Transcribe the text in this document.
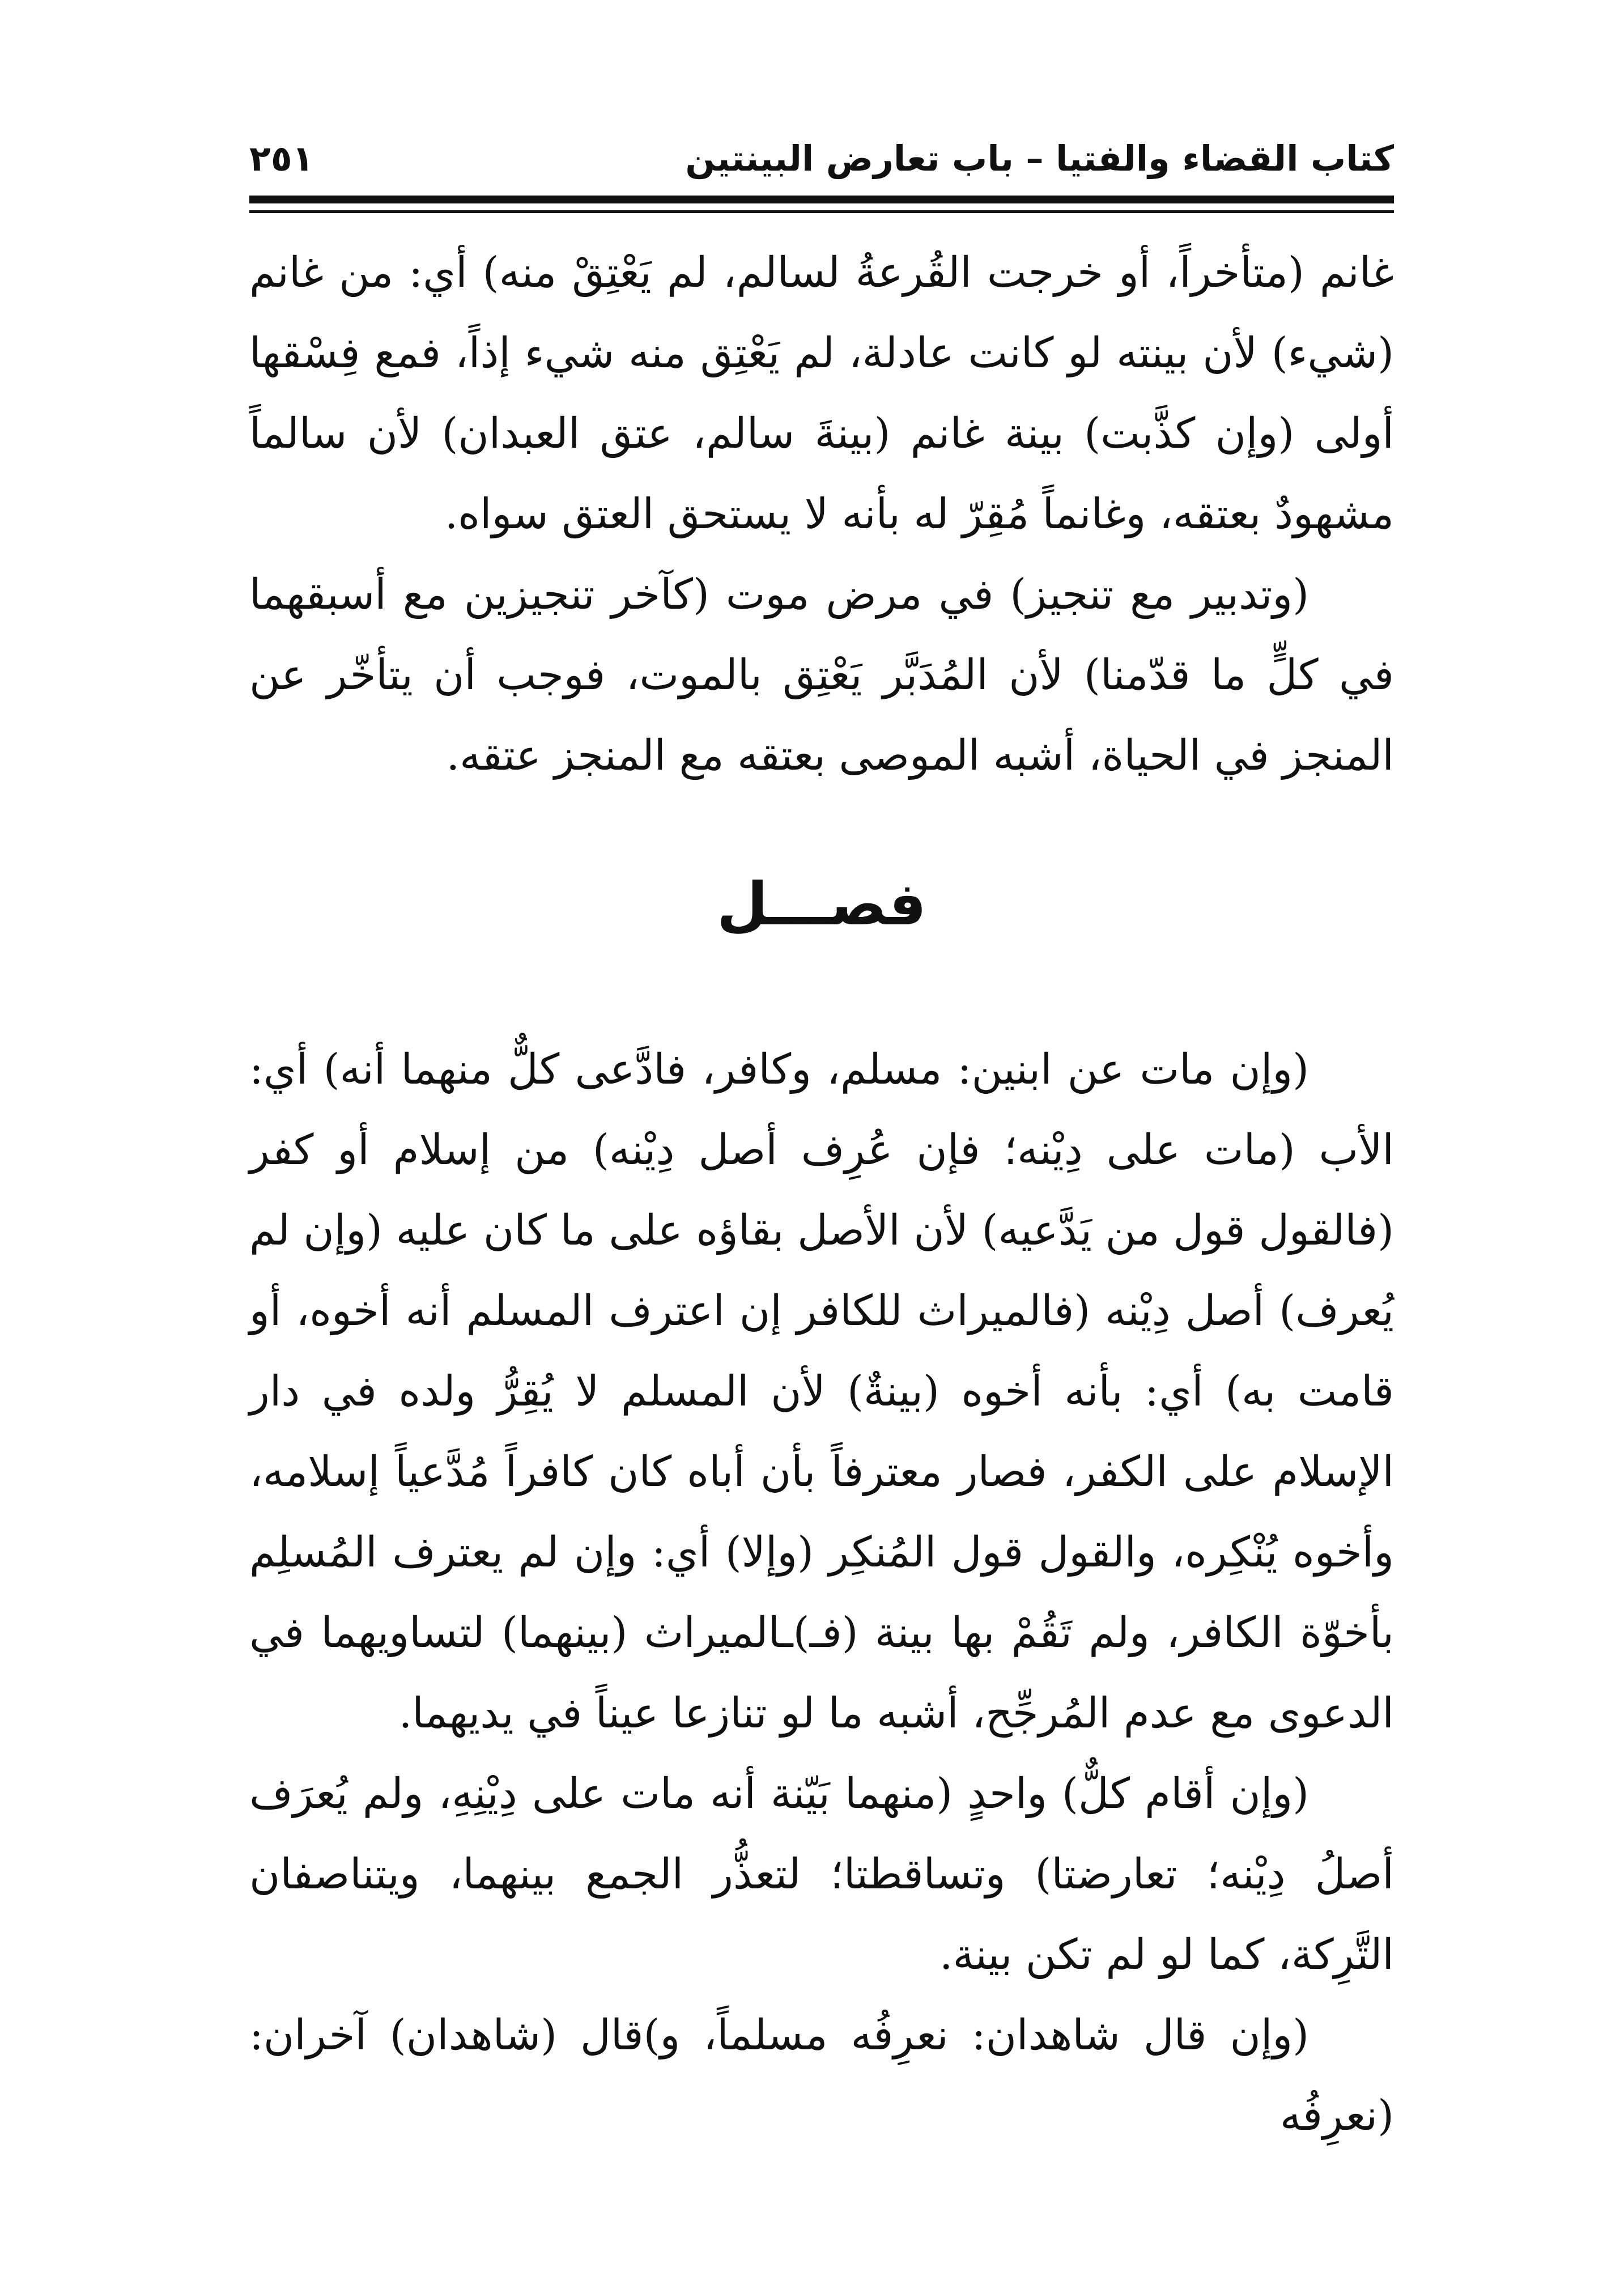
كتاب القضاء والفتيا – باب تعارض البينتين
٢٥١

غانم (متأخراً، أو خرجت القُرعةُ لسالم، لم يَعْتِقْ منه) أي: من غانم (شيء) لأن بينته لو كانت عادلة، لم يَعْتِق منه شيء إذاً، فمع فِسْقها أولى (وإن كذَّبت) بينة غانم (بينةَ سالم، عتق العبدان) لأن سالماً مشهودٌ بعتقه، وغانماً مُقِرّ له بأنه لا يستحق العتق سواه.

(وتدبير مع تنجيز) في مرض موت (كآخر تنجيزين مع أسبقهما في كلٍّ ما قدّمنا) لأن المُدَبَّر يَعْتِق بالموت، فوجب أن يتأخّر عن المنجز في الحياة، أشبه الموصى بعتقه مع المنجز عتقه.

فصـــل

(وإن مات عن ابنين: مسلم، وكافر، فادَّعى كلٌّ منهما أنه) أي: الأب (مات على دِيْنه؛ فإن عُرِف أصل دِيْنه) من إسلام أو كفر (فالقول قول من يَدَّعيه) لأن الأصل بقاؤه على ما كان عليه (وإن لم يُعرف) أصل دِيْنه (فالميراث للكافر إن اعترف المسلم أنه أخوه، أو قامت به) أي: بأنه أخوه (بينةٌ) لأن المسلم لا يُقِرُّ ولده في دار الإسلام على الكفر، فصار معترفاً بأن أباه كان كافراً مُدَّعياً إسلامه، وأخوه يُنْكِره، والقول قول المُنكِر (وإلا) أي: وإن لم يعترف المُسلِم بأخوّة الكافر، ولم تَقُمْ بها بينة (فـ)ـالميراث (بينهما) لتساويهما في الدعوى مع عدم المُرجِّح، أشبه ما لو تنازعا عيناً في يديهما.

(وإن أقام كلٌّ) واحدٍ (منهما بَيّنة أنه مات على دِيْنِهِ، ولم يُعرَف أصلُ دِيْنه؛ تعارضتا) وتساقطتا؛ لتعذُّر الجمع بينهما، ويتناصفان التَّرِكة، كما لو لم تكن بينة.

(وإن قال شاهدان: نعرِفُه مسلماً، و)قال (شاهدان) آخران: (نعرِفُه
